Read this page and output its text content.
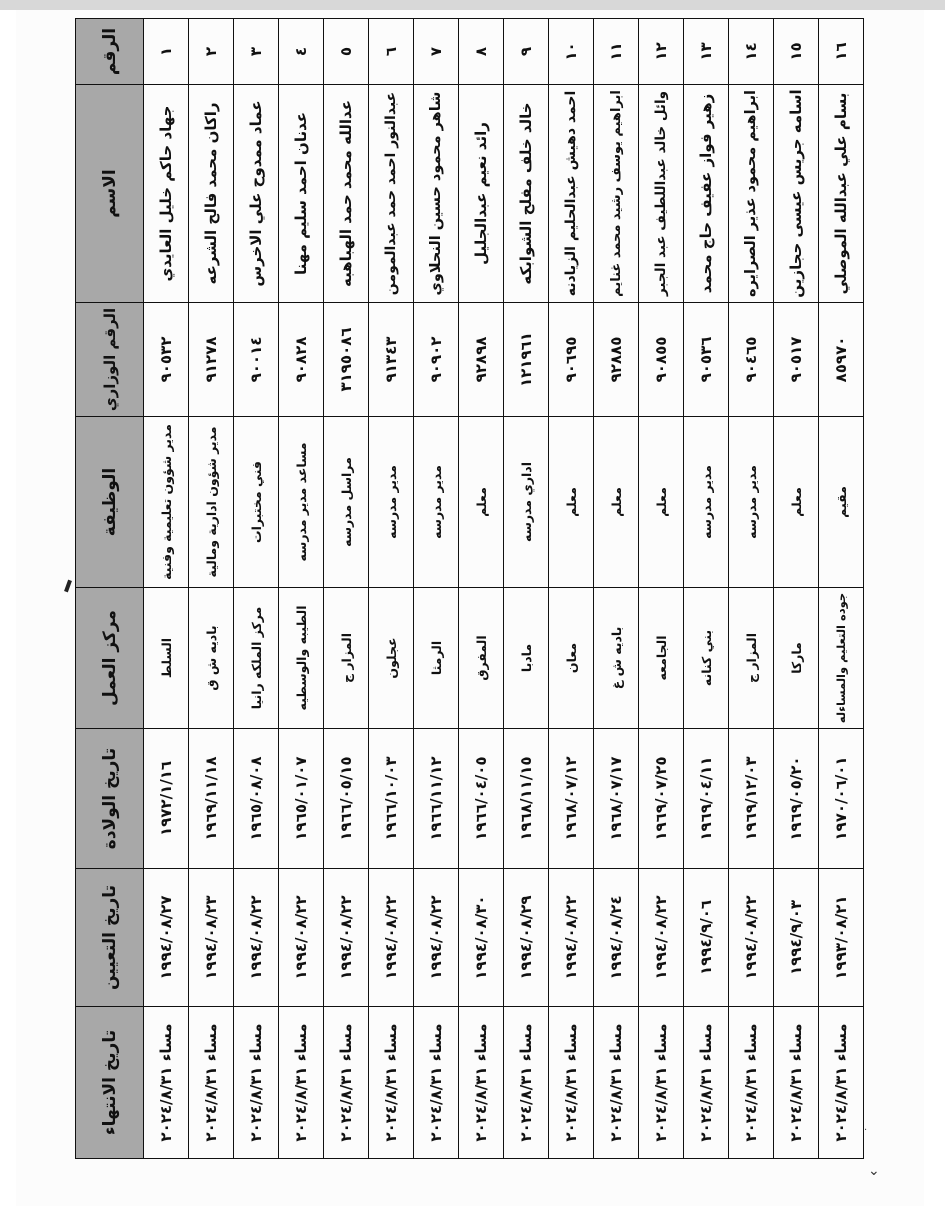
الرقم	الاسم	الرقم الوزاري	الوظيفة	مركز العمل	تاريخ الولادة	تاريخ التعيين	تاريخ الانتهاء
١	جهاد حاكم خليل العايدي	٩٠٥٣٢	مدير شؤون تعليمية وفنية	السلط	١٩٧٢/١/١٦	١٩٩٤/٠٨/٢٧	مساء ٢٠٢٤/٨/٣١
٢	راكان محمد فالح الشرعه	٩١٢٧٨	مدير شؤون ادارية ومالية	باديه ش ق	١٩٦٩/١١/١٨	١٩٩٤/٠٨/٢٣	مساء ٢٠٢٤/٨/٣١
٣	عماد ممدوح علي الاخرس	٩٠٠١٤	فني مختبرات	مركز الملكه رانيا	١٩٦٥/٠٨/٠٨	١٩٩٤/٠٨/٢٢	مساء ٢٠٢٤/٨/٣١
٤	عدنان احمد سليم مهنا	٩٠٨٢٨	مساعد مدير مدرسه	الطيبه والوسطيه	١٩٦٥/٠١/٠٧	١٩٩٤/٠٨/٢٢	مساء ٢٠٢٤/٨/٣١
٥	عدالله محمد حمد الهباهبه	٣١٩٥٠٨٦	مراسل مدرسه	المزار ج	١٩٦٦/٠٥/١٥	١٩٩٤/٠٨/٢٢	مساء ٢٠٢٤/٨/٣١
٦	عبدالنور احمد حمد عبدالمومن	٩١٣٤٣	مدير مدرسه	عجلون	١٩٦٦/١٠/٠٣	١٩٩٤/٠٨/٢٢	مساء ٢٠٢٤/٨/٣١
٧	شاهر محمود حسين النحلاوي	٩٠٩٠٢	مدير مدرسه	الرمثا	١٩٦٦/١١/١٢	١٩٩٤/٠٨/٢٢	مساء ٢٠٢٤/٨/٣١
٨	رائد نعيم عبدالجليل	٩٢٨٩٨	معلم	المفرق	١٩٦٦/٠٤/٠٥	١٩٩٤/٠٨/٣٠	مساء ٢٠٢٤/٨/٣١
٩	خالد خلف مفلح الشوابكه	١٢١٩٦١	اداري مدرسه	مادبا	١٩٦٨/١١/١٥	١٩٩٤/٠٨/٢٩	مساء ٢٠٢٤/٨/٣١
١٠	احمد دهيش عبدالحليم الزيادنه	٩٠٦٩٥	معلم	معان	١٩٦٨/٠٧/١٢	١٩٩٤/٠٨/٢٢	مساء ٢٠٢٤/٨/٣١
١١	ابراهيم يوسف رشيد محمد غنايم	٩٢٨٨٥	معلم	باديه ش غ	١٩٦٨/٠٧/١٧	١٩٩٤/٠٨/٢٤	مساء ٢٠٢٤/٨/٣١
١٢	وائل خالد عبداللطيف عبد الجبر	٩٠٨٥٥	معلم	الجامعه	١٩٦٩/٠٧/٢٥	١٩٩٤/٠٨/٢٢	مساء ٢٠٢٤/٨/٣١
١٣	زهير فواز عفيف حاج محمد	٩٠٥٣٦	مدير مدرسه	بني كنانه	١٩٦٩/٠٤/١١	١٩٩٤/٩/٠٦	مساء ٢٠٢٤/٨/٣١
١٤	ابراهيم محمود عذير الصرايره	٩٠٤٦٥	مدير مدرسه	المزار ج	١٩٦٩/١٢/٠٣	١٩٩٤/٠٨/٢٢	مساء ٢٠٢٤/٨/٣١
١٥	اسامه جريس عيسى حجازين	٩٠٥١٧	معلم	ماركا	١٩٦٩/٠٥/٢٠	١٩٩٤/٩/٠٣	مساء ٢٠٢٤/٨/٣١
١٦	بسام علي عبدالله الموصلي	٨٥٩٧٠	مقيم	جوده التعليم والمساءله	١٩٧٠/٠٦/٠١	١٩٩٣/٠٨/٢١	مساء ٢٠٢٤/٨/٣١
·
⌄
